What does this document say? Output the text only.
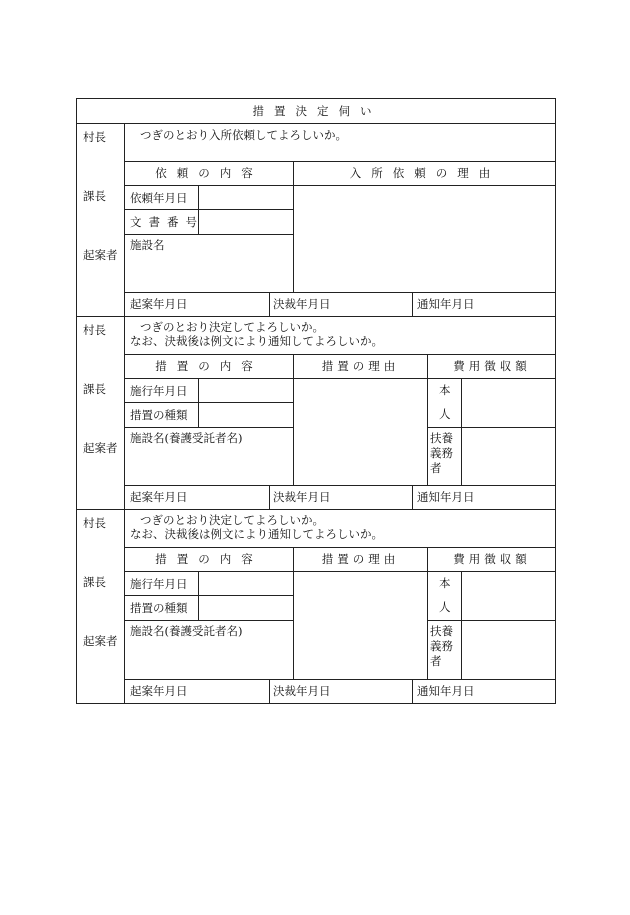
措置決定伺い
村長
課長
起案者
つぎのとおり入所依頼してよろしいか。
依頼の内容	入所依頼の理由
依頼年月日
文書番号
施設名
起案年月日	決裁年月日	通知年月日
村長
課長
起案者
つぎのとおり決定してよろしいか。
なお、決裁後は例文により通知してよろしいか。
措置の内容	措置の理由	費用徴収額
施行年月日
措置の種類
施設名(養護受託者名)
本
人
扶養
義務
者
起案年月日	決裁年月日	通知年月日
村長
課長
起案者
つぎのとおり決定してよろしいか。
なお、決裁後は例文により通知してよろしいか。
措置の内容	措置の理由	費用徴収額
施行年月日
措置の種類
施設名(養護受託者名)
本
人
扶養
義務
者
起案年月日	決裁年月日	通知年月日
